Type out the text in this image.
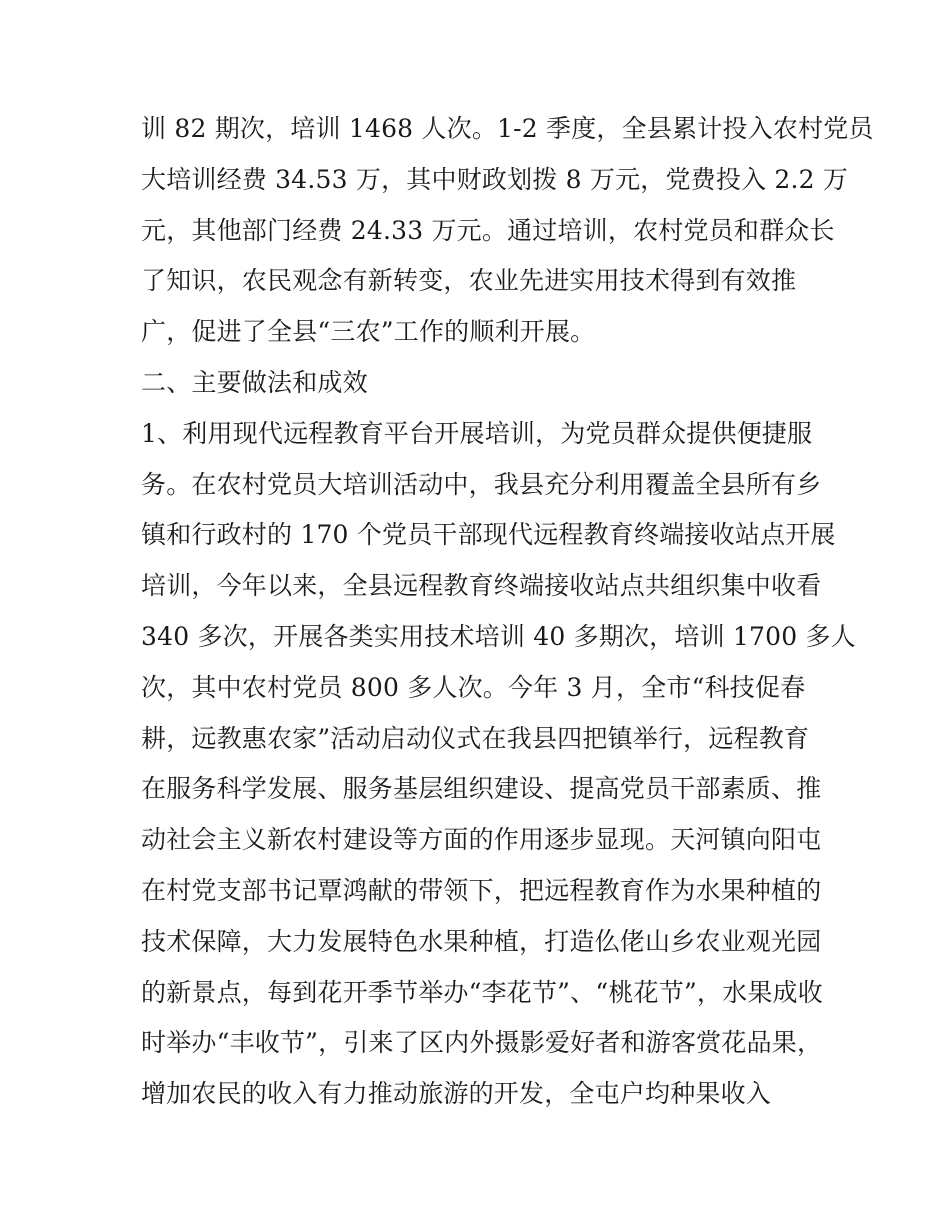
训 82 期次，培训 1468 人次。1-2 季度，全县累计投入农村党员
大培训经费 34.53 万，其中财政划拨 8 万元，党费投入 2.2 万
元，其他部门经费 24.33 万元。通过培训，农村党员和群众长
了知识，农民观念有新转变，农业先进实用技术得到有效推
广，促进了全县“三农”工作的顺利开展。
二、主要做法和成效
1、利用现代远程教育平台开展培训，为党员群众提供便捷服
务。在农村党员大培训活动中，我县充分利用覆盖全县所有乡
镇和行政村的 170 个党员干部现代远程教育终端接收站点开展
培训，今年以来，全县远程教育终端接收站点共组织集中收看
340 多次，开展各类实用技术培训 40 多期次，培训 1700 多人
次，其中农村党员 800 多人次。今年 3 月，全市“科技促春
耕，远教惠农家”活动启动仪式在我县四把镇举行，远程教育
在服务科学发展、服务基层组织建设、提高党员干部素质、推
动社会主义新农村建设等方面的作用逐步显现。天河镇向阳屯
在村党支部书记覃鸿献的带领下，把远程教育作为水果种植的
技术保障，大力发展特色水果种植，打造仫佬山乡农业观光园
的新景点，每到花开季节举办“李花节”、“桃花节”，水果成收
时举办“丰收节”，引来了区内外摄影爱好者和游客赏花品果，
增加农民的收入有力推动旅游的开发，全屯户均种果收入
